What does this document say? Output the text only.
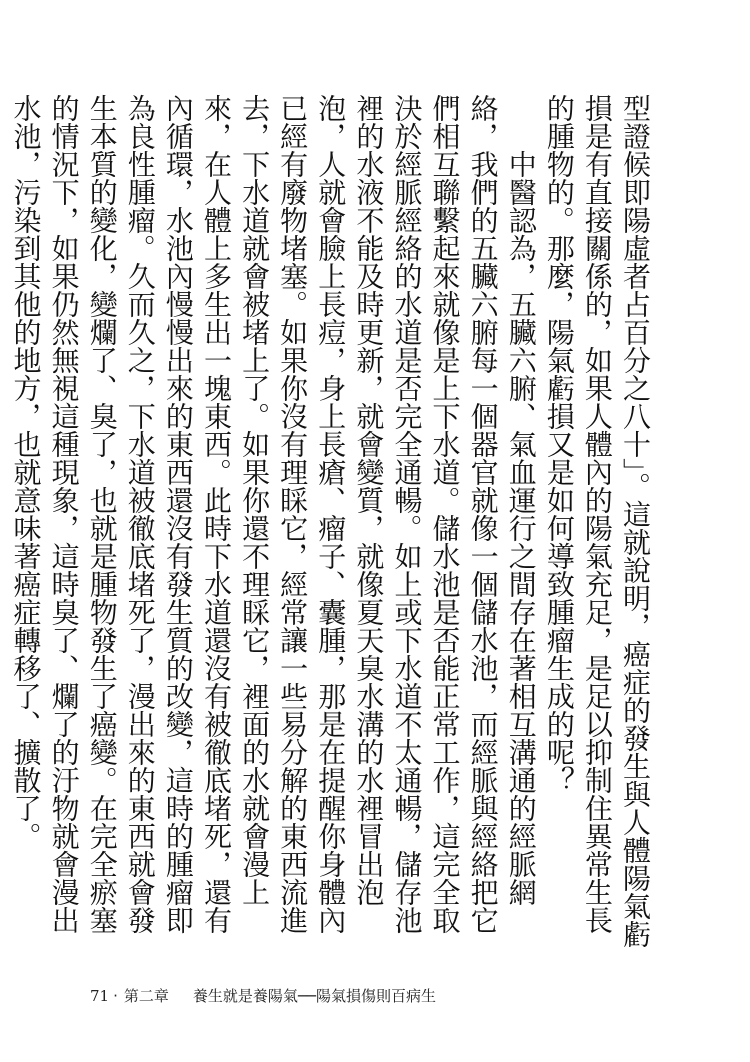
型證候即陽虛者占百分之八十」。這就說明，癌症的發生與人體陽氣虧損是有直接關係的，如果人體內的陽氣充足，是足以抑制住異常生長的腫物的。那麼，陽氣虧損又是如何導致腫瘤生成的呢？

中醫認為，五臟六腑、氣血運行之間存在著相互溝通的經脈網絡，我們的五臟六腑每一個器官就像一個儲水池，而經脈與經絡把它們相互聯繫起來就像是上下水道。儲水池是否能正常工作，這完全取決於經脈經絡的水道是否完全通暢。如上或下水道不太通暢，儲存池裡的水液不能及時更新，就會變質，就像夏天臭水溝的水裡冒出泡泡，人就會臉上長痘，身上長瘡、瘤子、囊腫，那是在提醒你身體內已經有廢物堵塞。如果你沒有理睬它，經常讓一些易分解的東西流進去，下水道就會被堵上了。如果你還不理睬它，裡面的水就會漫上來，在人體上多生出一塊東西。此時下水道還沒有被徹底堵死，還有內循環，水池內慢慢出來的東西還沒有發生質的改變，這時的腫瘤即為良性腫瘤。久而久之，下水道被徹底堵死了，漫出來的東西就會發生本質的變化，變爛了、臭了，也就是腫物發生了癌變。在完全瘀塞的情況下，如果仍然無視這種現象，這時臭了、爛了的汙物就會漫出水池，污染到其他的地方，也就意味著癌症轉移了、擴散了。

71 ‧ 第二章 養生就是養陽氣──陽氣損傷則百病生
